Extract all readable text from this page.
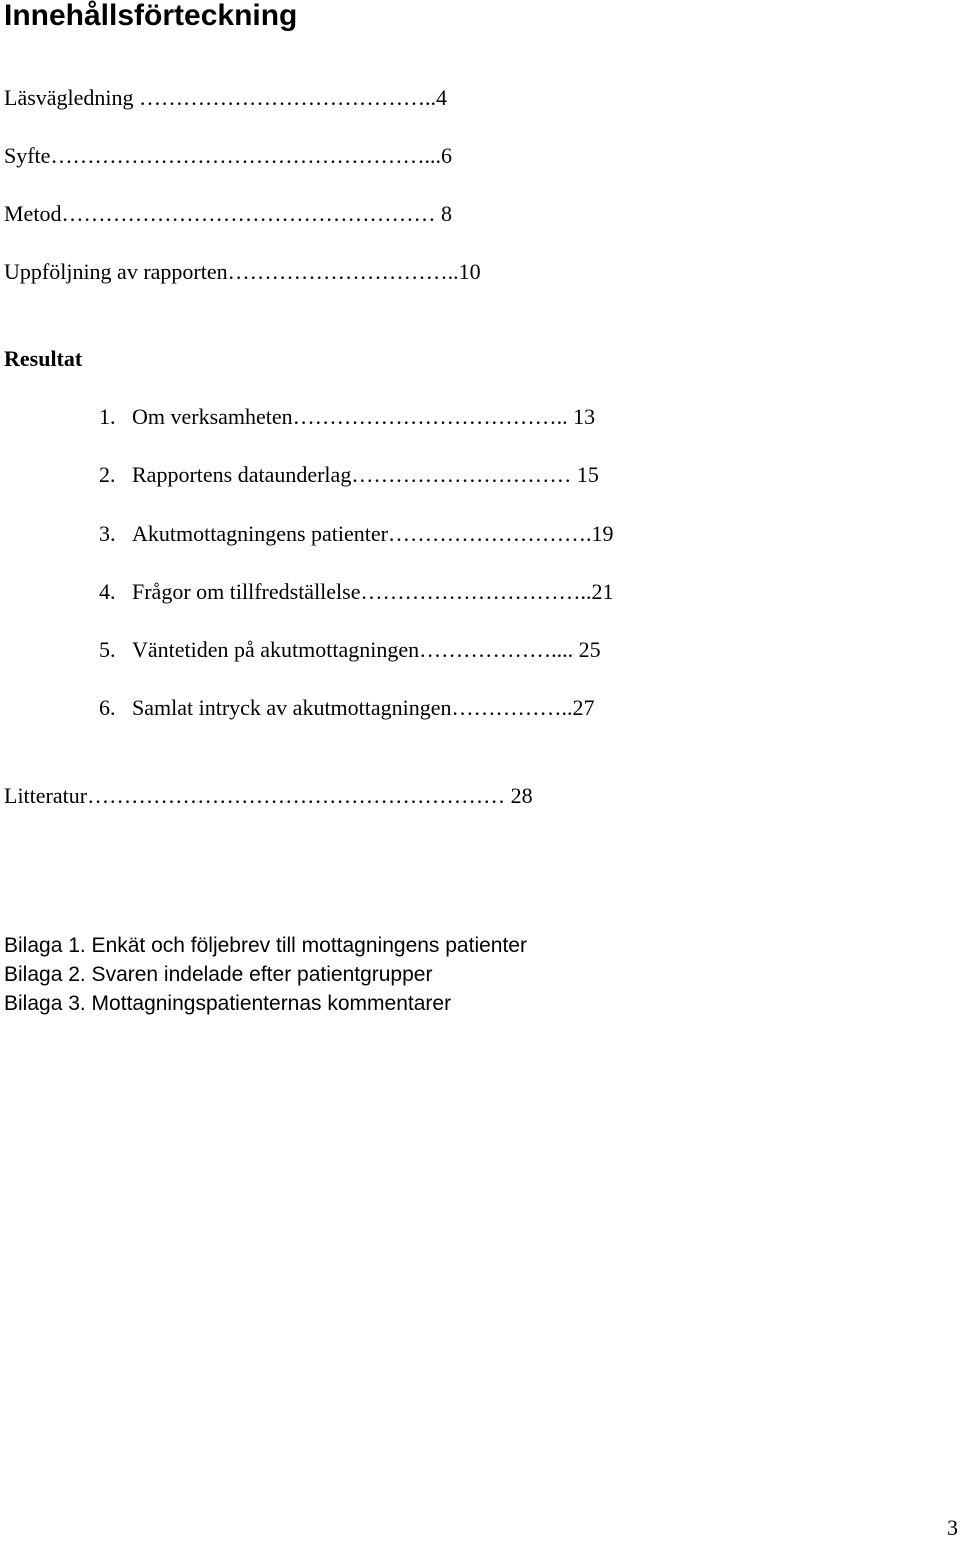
Innehållsförteckning
Läsvägledning …………………………………..4
Syfte……………………………………………...6
Metod…………………………………………… 8
Uppföljning av rapporten…………………………..10
Resultat
1. Om verksamheten……………………………….. 13
2. Rapportens dataunderlag………………………… 15
3. Akutmottagningens patienter……………………….19
4. Frågor om tillfredställelse…………………………..21
5. Väntetiden på akutmottagningen……………….... 25
6. Samlat intryck av akutmottagningen……………..27
Litteratur………………………………………………… 28
Bilaga 1. Enkät och följebrev till mottagningens patienter
Bilaga 2. Svaren indelade efter patientgrupper
Bilaga 3. Mottagningspatienternas kommentarer
3
